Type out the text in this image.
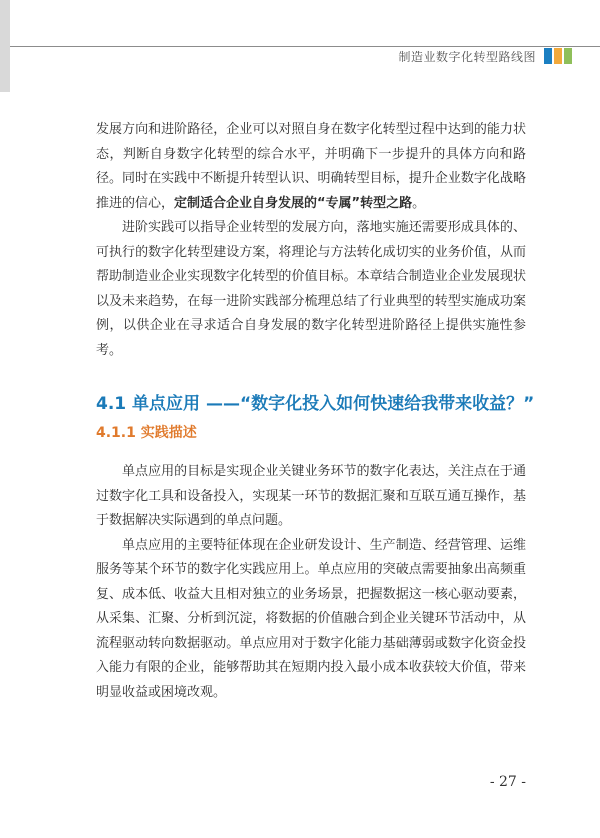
制造业数字化转型路线图

发展方向和进阶路径，企业可以对照自身在数字化转型过程中达到的能力状态，判断自身数字化转型的综合水平，并明确下一步提升的具体方向和路径。同时在实践中不断提升转型认识、明确转型目标，提升企业数字化战略推进的信心，定制适合企业自身发展的“专属”转型之路。

进阶实践可以指导企业转型的发展方向，落地实施还需要形成具体的、可执行的数字化转型建设方案，将理论与方法转化成切实的业务价值，从而帮助制造业企业实现数字化转型的价值目标。本章结合制造业企业发展现状以及未来趋势，在每一进阶实践部分梳理总结了行业典型的转型实施成功案例，以供企业在寻求适合自身发展的数字化转型进阶路径上提供实施性参考。

4.1 单点应用 ——“数字化投入如何快速给我带来收益？”
4.1.1 实践描述

单点应用的目标是实现企业关键业务环节的数字化表达，关注点在于通过数字化工具和设备投入，实现某一环节的数据汇聚和互联互通互操作，基于数据解决实际遇到的单点问题。

单点应用的主要特征体现在企业研发设计、生产制造、经营管理、运维服务等某个环节的数字化实践应用上。单点应用的突破点需要抽象出高频重复、成本低、收益大且相对独立的业务场景，把握数据这一核心驱动要素，从采集、汇聚、分析到沉淀，将数据的价值融合到企业关键环节活动中，从流程驱动转向数据驱动。单点应用对于数字化能力基础薄弱或数字化资金投入能力有限的企业，能够帮助其在短期内投入最小成本收获较大价值，带来明显收益或困境改观。

- 27 -
